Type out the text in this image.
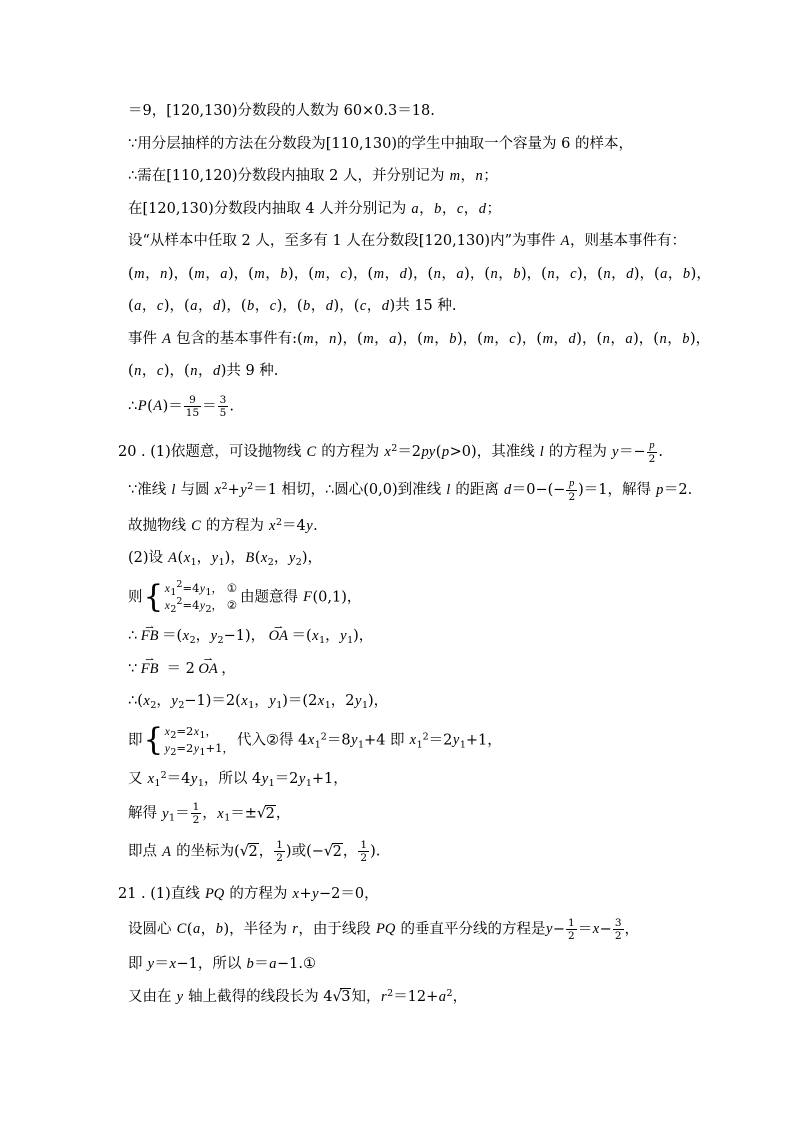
＝9，[120,130)分数段的人数为 60×0.3＝18.
∵用分层抽样的方法在分数段为[110,130)的学生中抽取一个容量为 6 的样本，
∴需在[110,120)分数段内抽取 2 人，并分别记为 m，n；
在[120,130)分数段内抽取 4 人并分别记为 a，b，c，d；
设“从样本中任取 2 人，至多有 1 人在分数段[120,130)内”为事件 A，则基本事件有：
(m，n)，(m，a)，(m，b)，(m，c)，(m，d)，(n，a)，(n，b)，(n，c)，(n，d)，(a，b)，
(a，c)，(a，d)，(b，c)，(b，d)，(c，d)共 15 种.
事件 A 包含的基本事件有:(m，n)，(m，a)，(m，b)，(m，c)，(m，d)，(n，a)，(n，b)，
(n，c)，(n，d)共 9 种.
∴P(A)＝ $\frac{9}{15} = \frac{3}{5}$ .
20 . (1)依题意，可设抛物线 C 的方程为 $x^2=2py(p>0)$，其准线 l 的方程为 $y=- \frac{p}{2}$ .
∵准线 l 与圆 $x^2+y^2=1$ 相切，∴圆心(0,0)到准线 l 的距离 $d=0-(- \frac{p}{2} )=1$，解得 p＝2.
故抛物线 C 的方程为 $x^2=4y$.
(2)设 $A(x_1$，$y_1$)，$B(x_2$，$y_2$)，
则 { $x_1^2=4y_1$， ①
$x_2^2=4y_2$， ② 由题意得 F(0,1)，
∴ ⇀ FB $=(x_2$，$y_2-1$)， ⇀ OA $=(x_1$，$y_1$)，
∵ ⇀ FB ＝ 2 ⇀ OA ，
$\therefore(x_2$，$y_2-1)=2(x_1$，$y_1)=(2x_1$，$2y_1$)，
即 { $x_2=2x_1$，
$y_2=2y_1+1$， 代入②得 $4x_1^2=8y_1+4$ 即 $x_1^2=2y_1+1$，
又 $x_1^2=4y_1$，所以 $4y_1=2y_1+1$，
解得 $y_1= \frac{1}{2}$ ，$x_1=\pm√2$，
即点 A 的坐标为(√2， $\frac{1}{2}$ )或(−√2， $\frac{1}{2}$ ).
21 . (1)直线 PQ 的方程为 x+y−2＝0，
设圆心 C(a，b)，半径为 r，由于线段 PQ 的垂直平分线的方程是$y- \frac{1}{2} =x- \frac{3}{2}$ ，
即 y＝x−1，所以 b＝a−1.①
又由在 y 轴上截得的线段长为 4√3知，$r^2=12+a^2$，
